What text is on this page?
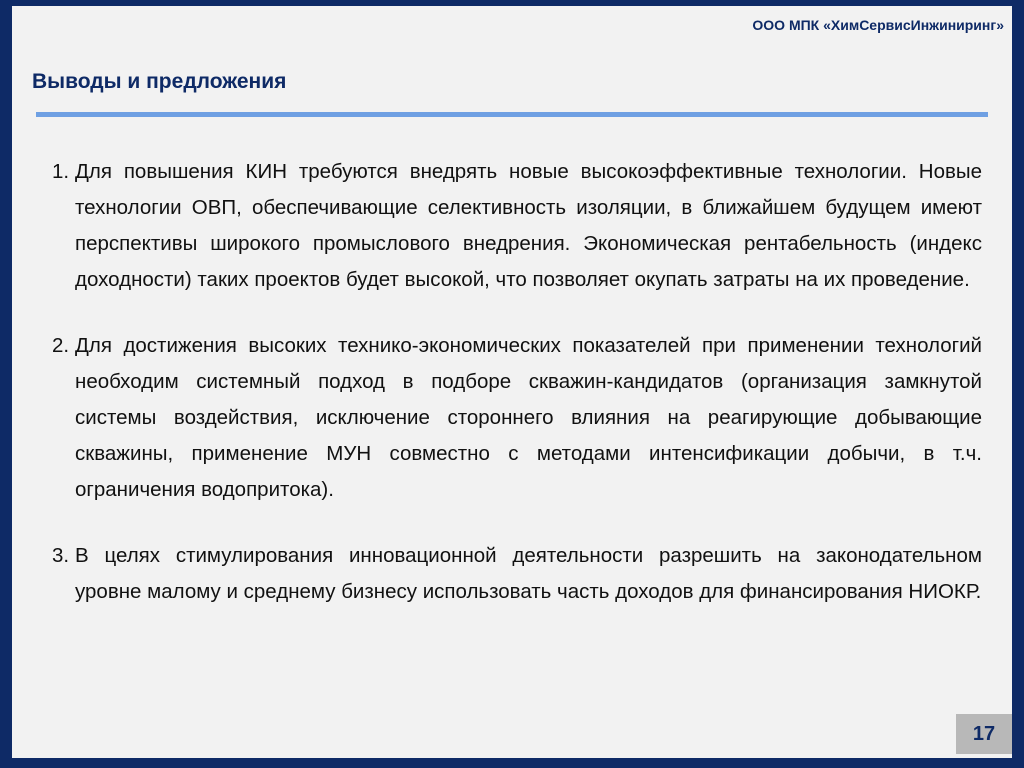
ООО МПК «ХимСервисИнжиниринг»
Выводы и предложения
1. Для повышения КИН требуются внедрять новые высокоэффективные технологии. Новые технологии ОВП, обеспечивающие селективность изоляции, в ближайшем будущем имеют перспективы широкого промыслового внедрения. Экономическая рентабельность (индекс доходности) таких проектов будет высокой, что позволяет окупать затраты на их проведение.
2. Для достижения высоких технико-экономических показателей при применении технологий необходим системный подход в подборе скважин-кандидатов (организация замкнутой системы воздействия, исключение стороннего влияния на реагирующие добывающие скважины, применение МУН совместно с методами интенсификации добычи, в т.ч. ограничения водопритока).
3. В целях стимулирования инновационной деятельности разрешить на законодательном уровне малому и среднему бизнесу использовать часть доходов для финансирования НИОКР.
17
